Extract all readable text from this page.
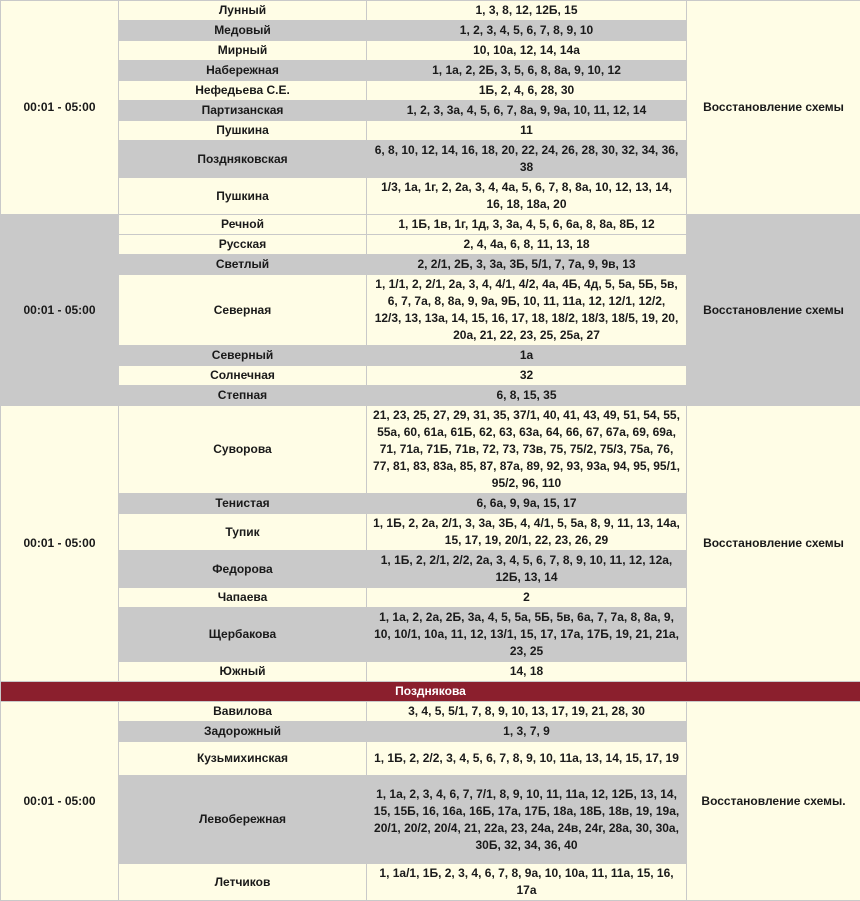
00:01 - 05:00	Лунный	1, 3, 8, 12, 12Б, 15	Восстановление схемы
	Медовый	1, 2, 3, 4, 5, 6, 7, 8, 9, 10	
	Мирный	10, 10а, 12, 14, 14а	
	Набережная	1, 1а, 2, 2Б, 3, 5, 6, 8, 8а, 9, 10, 12	
	Нефедьева С.Е.	1Б, 2, 4, 6, 28, 30	
	Партизанская	1, 2, 3, 3а, 4, 5, 6, 7, 8а, 9, 9а, 10, 11, 12, 14	
	Пушкина	11	
	Поздняковская	6, 8, 10, 12, 14, 16, 18, 20, 22, 24, 26, 28, 30, 32, 34, 36, 38	
	Пушкина	1/3, 1а, 1г, 2, 2а, 3, 4, 4а, 5, 6, 7, 8, 8а, 10, 12, 13, 14, 16, 18, 18а, 20	
00:01 - 05:00	Речной	1, 1Б, 1в, 1г, 1д, 3, 3а, 4, 5, 6, 6а, 8, 8а, 8Б, 12	Восстановление схемы
	Русская	2, 4, 4а, 6, 8, 11, 13, 18	
	Светлый	2, 2/1, 2Б, 3, 3а, 3Б, 5/1, 7, 7а, 9, 9в, 13	
	Северная	1, 1/1, 2, 2/1, 2а, 3, 4, 4/1, 4/2, 4а, 4Б, 4д, 5, 5а, 5Б, 5в, 6, 7, 7а, 8, 8а, 9, 9а, 9Б, 10, 11, 11а, 12, 12/1, 12/2, 12/3, 13, 13а, 14, 15, 16, 17, 18, 18/2, 18/3, 18/5, 19, 20, 20а, 21, 22, 23, 25, 25а, 27	
	Северный	1а	
	Солнечная	32	
	Степная	6, 8, 15, 35	
00:01 - 05:00	Суворова	21, 23, 25, 27, 29, 31, 35, 37/1, 40, 41, 43, 49, 51, 54, 55, 55а, 60, 61а, 61Б, 62, 63, 63а, 64, 66, 67, 67а, 69, 69а, 71, 71а, 71Б, 71в, 72, 73, 73в, 75, 75/2, 75/3, 75а, 76, 77, 81, 83, 83а, 85, 87, 87а, 89, 92, 93, 93а, 94, 95, 95/1, 95/2, 96, 110	Восстановление схемы
	Тенистая	6, 6а, 9, 9а, 15, 17	
	Тупик	1, 1Б, 2, 2а, 2/1, 3, 3а, 3Б, 4, 4/1, 5, 5а, 8, 9, 11, 13, 14а, 15, 17, 19, 20/1, 22, 23, 26, 29	
	Федорова	1, 1Б, 2, 2/1, 2/2, 2а, 3, 4, 5, 6, 7, 8, 9, 10, 11, 12, 12а, 12Б, 13, 14	
	Чапаева	2	
	Щербакова	1, 1а, 2, 2а, 2Б, 3а, 4, 5, 5а, 5Б, 5в, 6а, 7, 7а, 8, 8а, 9, 10, 10/1, 10а, 11, 12, 13/1, 15, 17, 17а, 17Б, 19, 21, 21а, 23, 25	
	Южный	14, 18	
Позднякова			
00:01 - 05:00	Вавилова	3, 4, 5, 5/1, 7, 8, 9, 10, 13, 17, 19, 21, 28, 30	Восстановление схемы.
	Задорожный	1, 3, 7, 9	
	Кузьмихинская	1, 1Б, 2, 2/2, 3, 4, 5, 6, 7, 8, 9, 10, 11а, 13, 14, 15, 17, 19	
	Левобережная	1, 1а, 2, 3, 4, 6, 7, 7/1, 8, 9, 10, 11, 11а, 12, 12Б, 13, 14, 15, 15Б, 16, 16а, 16Б, 17а, 17Б, 18а, 18Б, 18в, 19, 19а, 20/1, 20/2, 20/4, 21, 22а, 23, 24а, 24в, 24г, 28а, 30, 30а, 30Б, 32, 34, 36, 40	
	Летчиков	1, 1а/1, 1Б, 2, 3, 4, 6, 7, 8, 9а, 10, 10а, 11, 11а, 15, 16, 17а	
